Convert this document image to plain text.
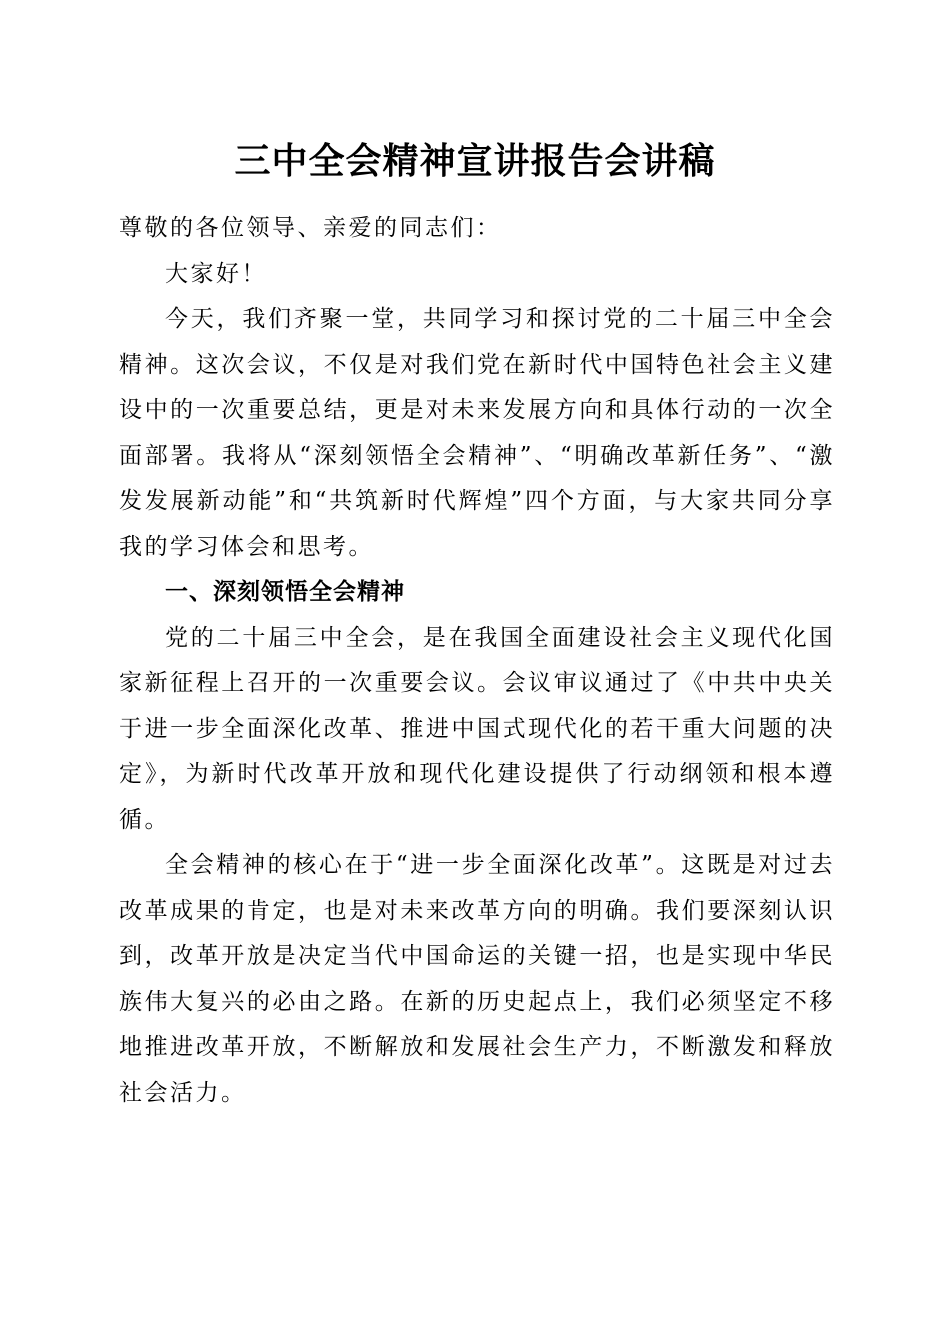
三中全会精神宣讲报告会讲稿

尊敬的各位领导、亲爱的同志们：

大家好！

今天，我们齐聚一堂，共同学习和探讨党的二十届三中全会精神。这次会议，不仅是对我们党在新时代中国特色社会主义建设中的一次重要总结，更是对未来发展方向和具体行动的一次全面部署。我将从“深刻领悟全会精神”、“明确改革新任务”、“激发发展新动能”和“共筑新时代辉煌”四个方面，与大家共同分享我的学习体会和思考。

一、深刻领悟全会精神

党的二十届三中全会，是在我国全面建设社会主义现代化国家新征程上召开的一次重要会议。会议审议通过了《中共中央关于进一步全面深化改革、推进中国式现代化的若干重大问题的决定》，为新时代改革开放和现代化建设提供了行动纲领和根本遵循。

全会精神的核心在于“进一步全面深化改革”。这既是对过去改革成果的肯定，也是对未来改革方向的明确。我们要深刻认识到，改革开放是决定当代中国命运的关键一招，也是实现中华民族伟大复兴的必由之路。在新的历史起点上，我们必须坚定不移地推进改革开放，不断解放和发展社会生产力，不断激发和释放社会活力。
